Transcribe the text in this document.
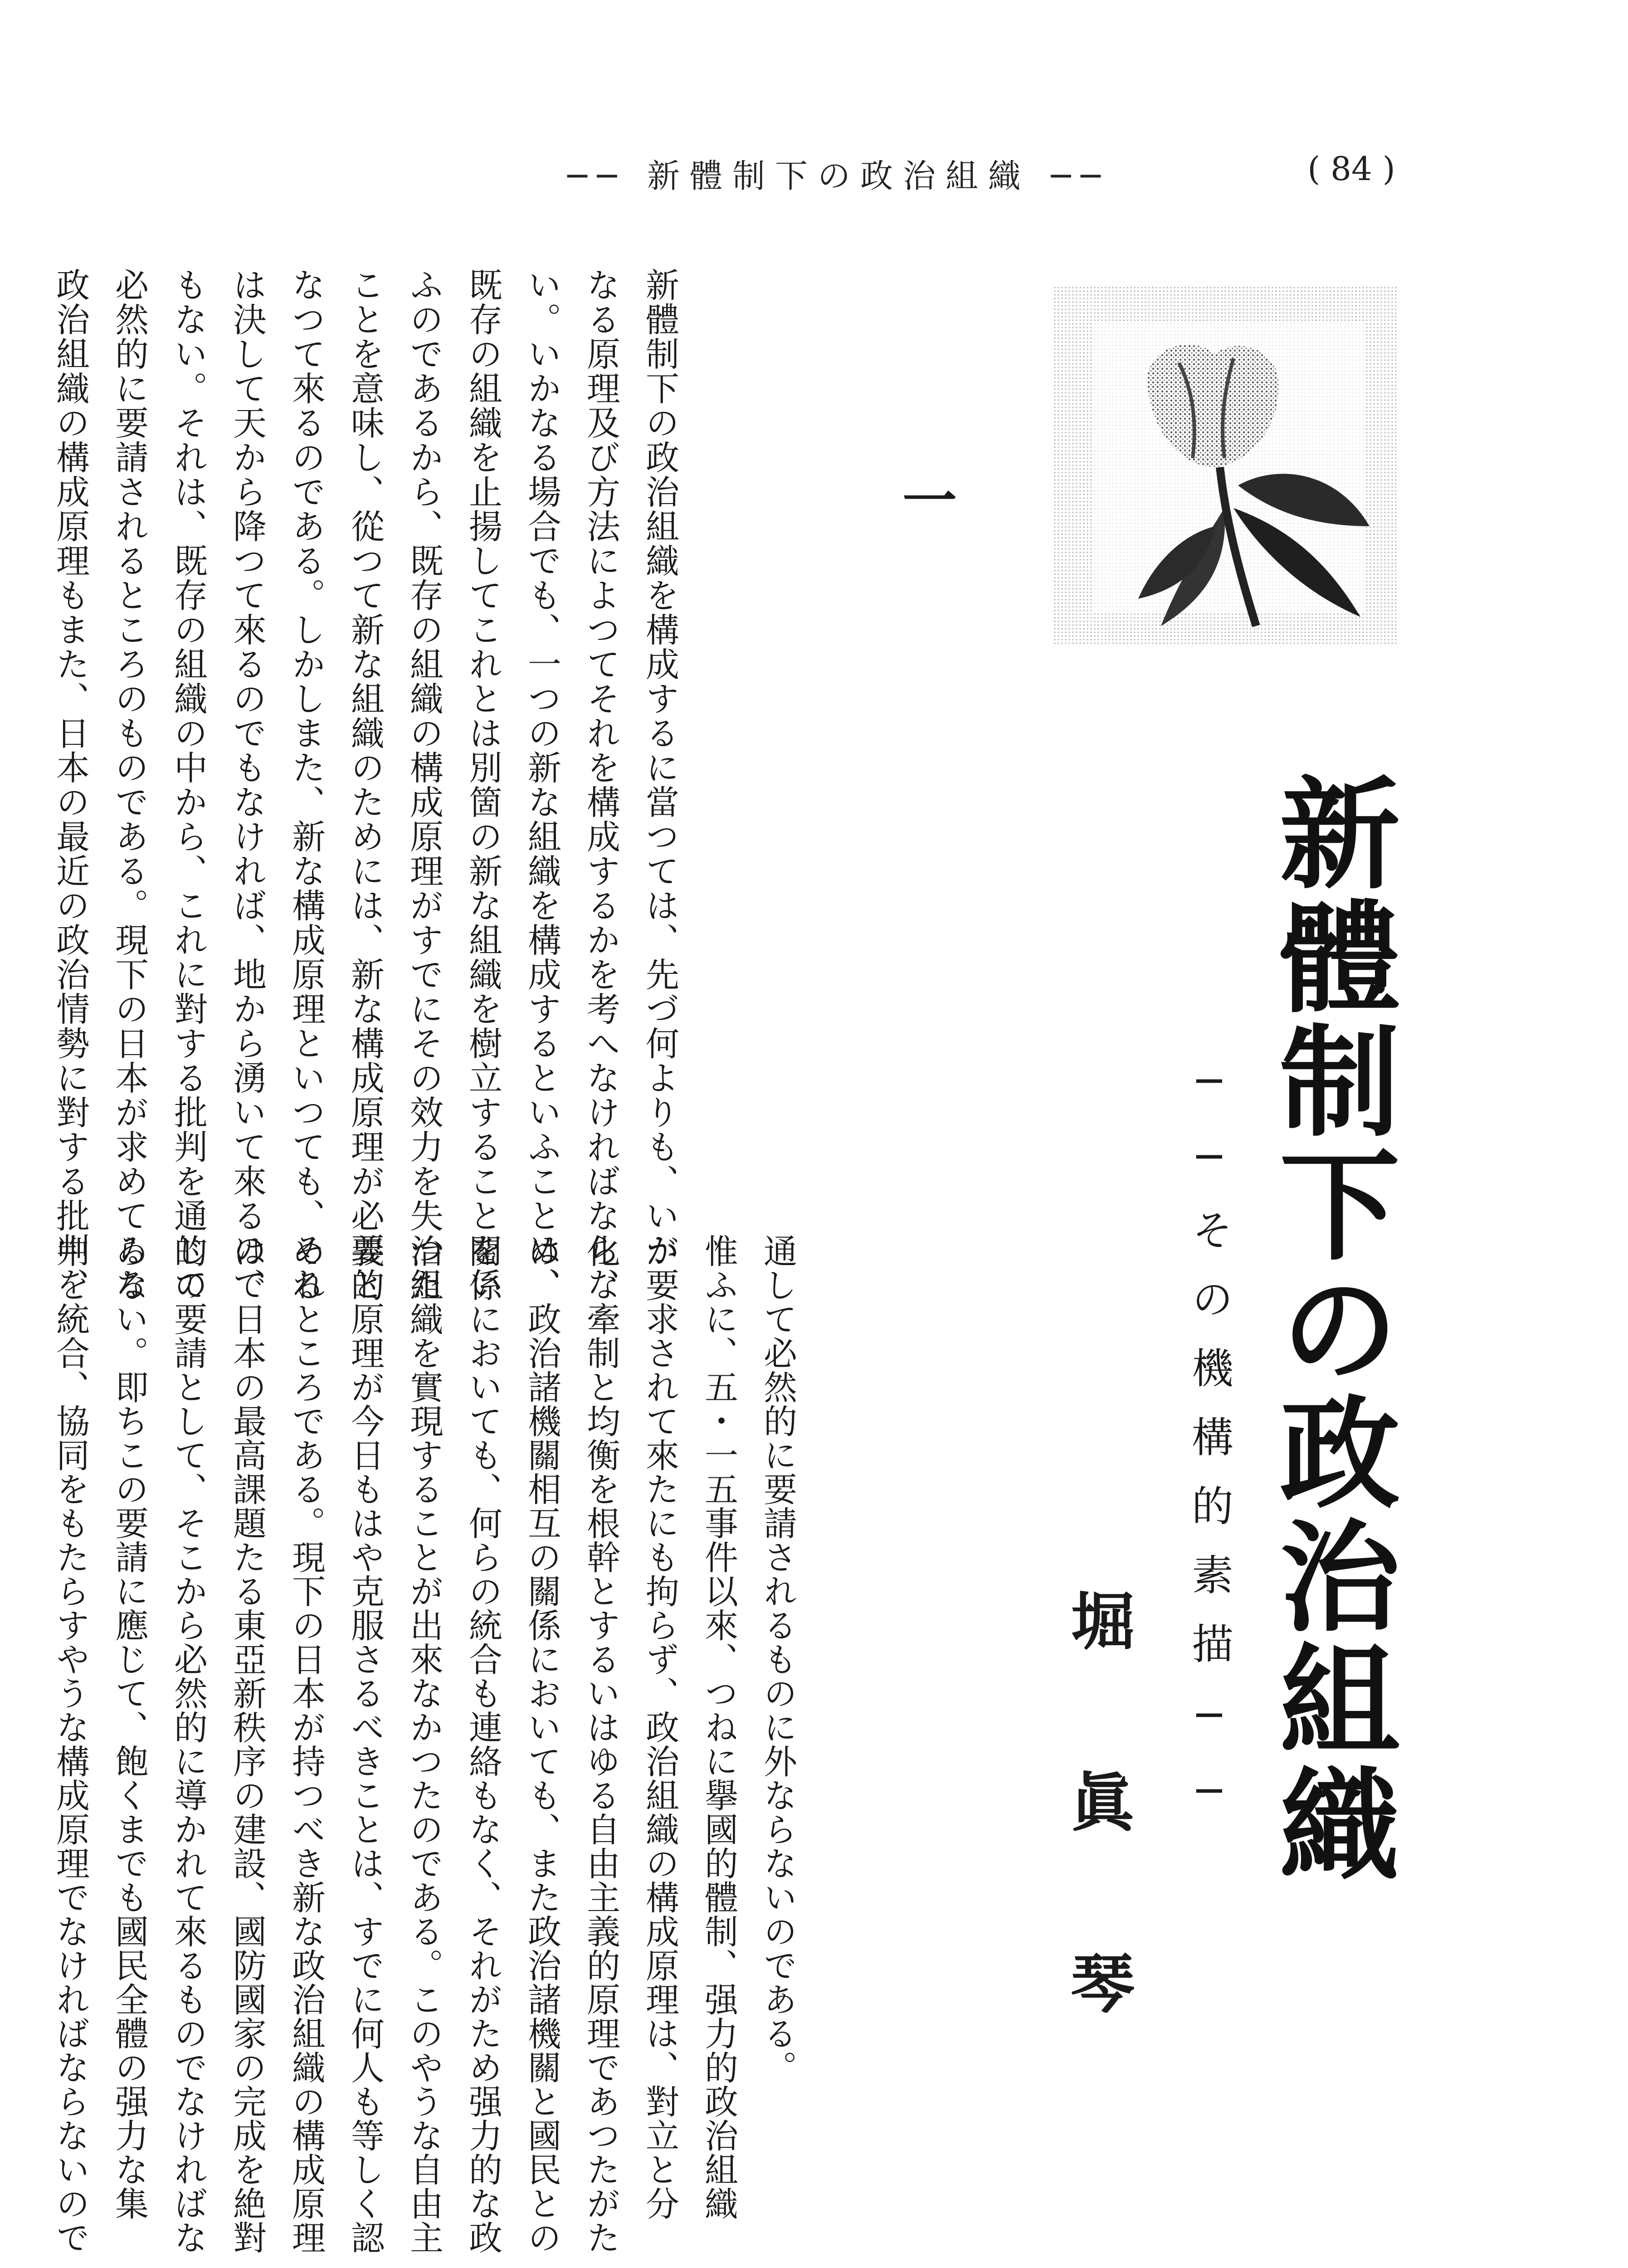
── 新體制下の政治組織 ──	( 84 )
新體制下の政治組織
──その機構的素描──
堀眞琴
一

新體制下の政治組織を構成するに當つては、先づ何よりも、いか
なる原理及び方法によつてそれを構成するかを考へなければならな
い。いかなる場合でも、一つの新な組織を構成するといふことは、
既存の組織を止揚してこれとは別箇の新な組織を樹立することをい
ふのであるから、既存の組織の構成原理がすでにその效力を失つた
ことを意味し、從つて新な組織のためには、新な構成原理が必要と
なつて來るのである。しかしまた、新な構成原理といつても、それ
は決して天から降つて來るのでもなければ、地から湧いて來るので
もない。それは、既存の組織の中から、これに對する批判を通じて
必然的に要請されるところのものである。現下の日本が求めてゐる
政治組織の構成原理もまた、日本の最近の政治情勢に對する批判を

通して必然的に要請されるものに外ならないのである。
惟ふに、五・一五事件以來、つねに擧國的體制、强力的政治組織
が要求されて來たにも拘らず、政治組織の構成原理は、對立と分
化、牽制と均衡を根幹とするいはゆる自由主義的原理であつたがた
め、政治諸機關相互の關係においても、また政治諸機關と國民との
關係においても、何らの統合も連絡もなく、それがため强力的な政
治組織を實現することが出來なかつたのである。このやうな自由主
義的原理が今日もはや克服さるべきことは、すでに何人も等しく認
めるところである。現下の日本が持つべき新な政治組織の構成原理
は、日本の最高課題たる東亞新秩序の建設、國防國家の完成を絶對
的の要請として、そこから必然的に導かれて來るものでなければな
らない。即ちこの要請に應じて、飽くまでも國民全體の强力な集
中、統合、協同をもたらすやうな構成原理でなければならないので
